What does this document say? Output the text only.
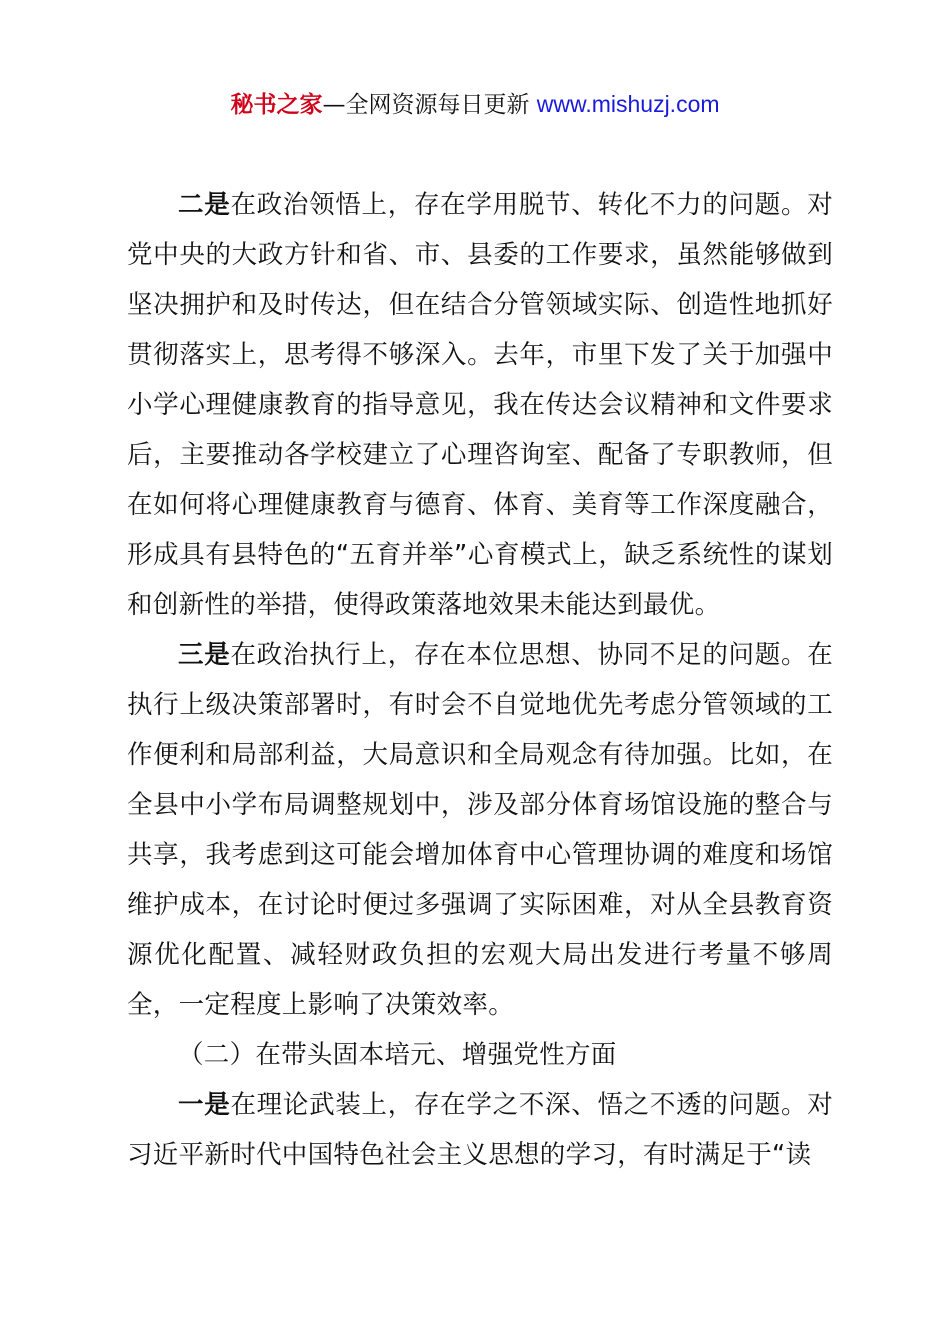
秘书之家—全网资源每日更新 www.mishuzj.com

二是在政治领悟上，存在学用脱节、转化不力的问题。对党中央的大政方针和省、市、县委的工作要求，虽然能够做到坚决拥护和及时传达，但在结合分管领域实际、创造性地抓好贯彻落实上，思考得不够深入。去年，市里下发了关于加强中小学心理健康教育的指导意见，我在传达会议精神和文件要求后，主要推动各学校建立了心理咨询室、配备了专职教师，但在如何将心理健康教育与德育、体育、美育等工作深度融合，形成具有县特色的“五育并举”心育模式上，缺乏系统性的谋划和创新性的举措，使得政策落地效果未能达到最优。

三是在政治执行上，存在本位思想、协同不足的问题。在执行上级决策部署时，有时会不自觉地优先考虑分管领域的工作便利和局部利益，大局意识和全局观念有待加强。比如，在全县中小学布局调整规划中，涉及部分体育场馆设施的整合与共享，我考虑到这可能会增加体育中心管理协调的难度和场馆维护成本，在讨论时便过多强调了实际困难，对从全县教育资源优化配置、减轻财政负担的宏观大局出发进行考量不够周全，一定程度上影响了决策效率。

（二）在带头固本培元、增强党性方面

一是在理论武装上，存在学之不深、悟之不透的问题。对习近平新时代中国特色社会主义思想的学习，有时满足于“读
